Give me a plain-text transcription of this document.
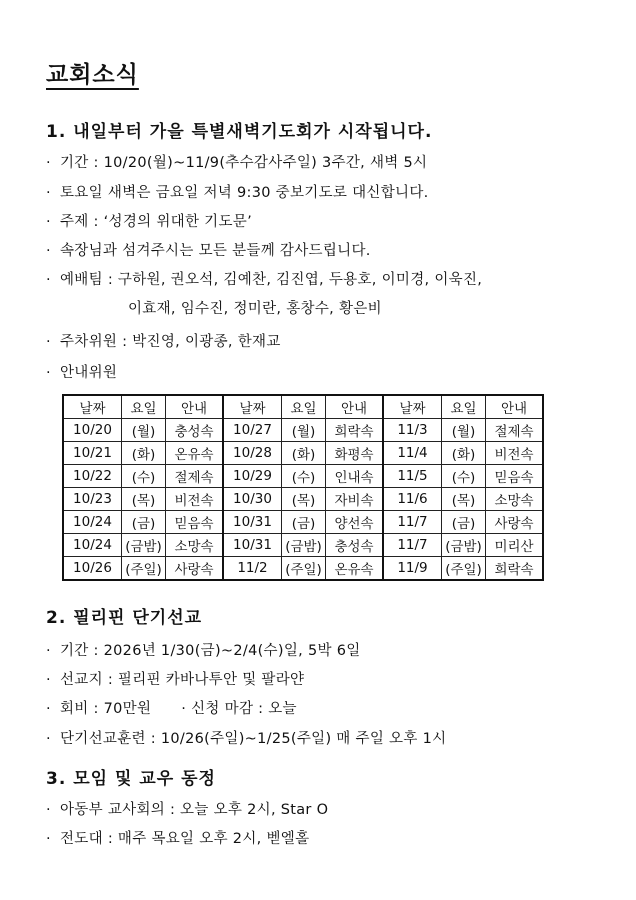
교회소식
1. 내일부터 가을 특별새벽기도회가 시작됩니다.
· 기간 : 10/20(월)~11/9(추수감사주일) 3주간, 새벽 5시
· 토요일 새벽은 금요일 저녁 9:30 중보기도로 대신합니다.
· 주제 : ‘성경의 위대한 기도문’
· 속장님과 섬겨주시는 모든 분들께 감사드립니다.
· 예배팀 : 구하원, 권오석, 김예찬, 김진엽, 두용호, 이미경, 이욱진,
이효재, 임수진, 정미란, 홍창수, 황은비
· 주차위원 : 박진영, 이광종, 한재교
· 안내위원
날짜	요일	안내	날짜	요일	안내	날짜	요일	안내
10/20	(월)	충성속	10/27	(월)	희락속	11/3	(월)	절제속
10/21	(화)	온유속	10/28	(화)	화평속	11/4	(화)	비전속
10/22	(수)	절제속	10/29	(수)	인내속	11/5	(수)	믿음속
10/23	(목)	비전속	10/30	(목)	자비속	11/6	(목)	소망속
10/24	(금)	믿음속	10/31	(금)	양선속	11/7	(금)	사랑속
10/24	(금밤)	소망속	10/31	(금밤)	충성속	11/7	(금밤)	미리산
10/26	(주일)	사랑속	11/2	(주일)	온유속	11/9	(주일)	희락속
2. 필리핀 단기선교
· 기간 : 2026년 1/30(금)~2/4(수)일, 5박 6일
· 선교지 : 필리핀 카바나투안 및 팔라얀
· 회비 : 70만원 · 신청 마감 : 오늘
· 단기선교훈련 : 10/26(주일)~1/25(주일) 매 주일 오후 1시
3. 모임 및 교우 동정
· 아동부 교사회의 : 오늘 오후 2시, Star O
· 전도대 : 매주 목요일 오후 2시, 벧엘홀
